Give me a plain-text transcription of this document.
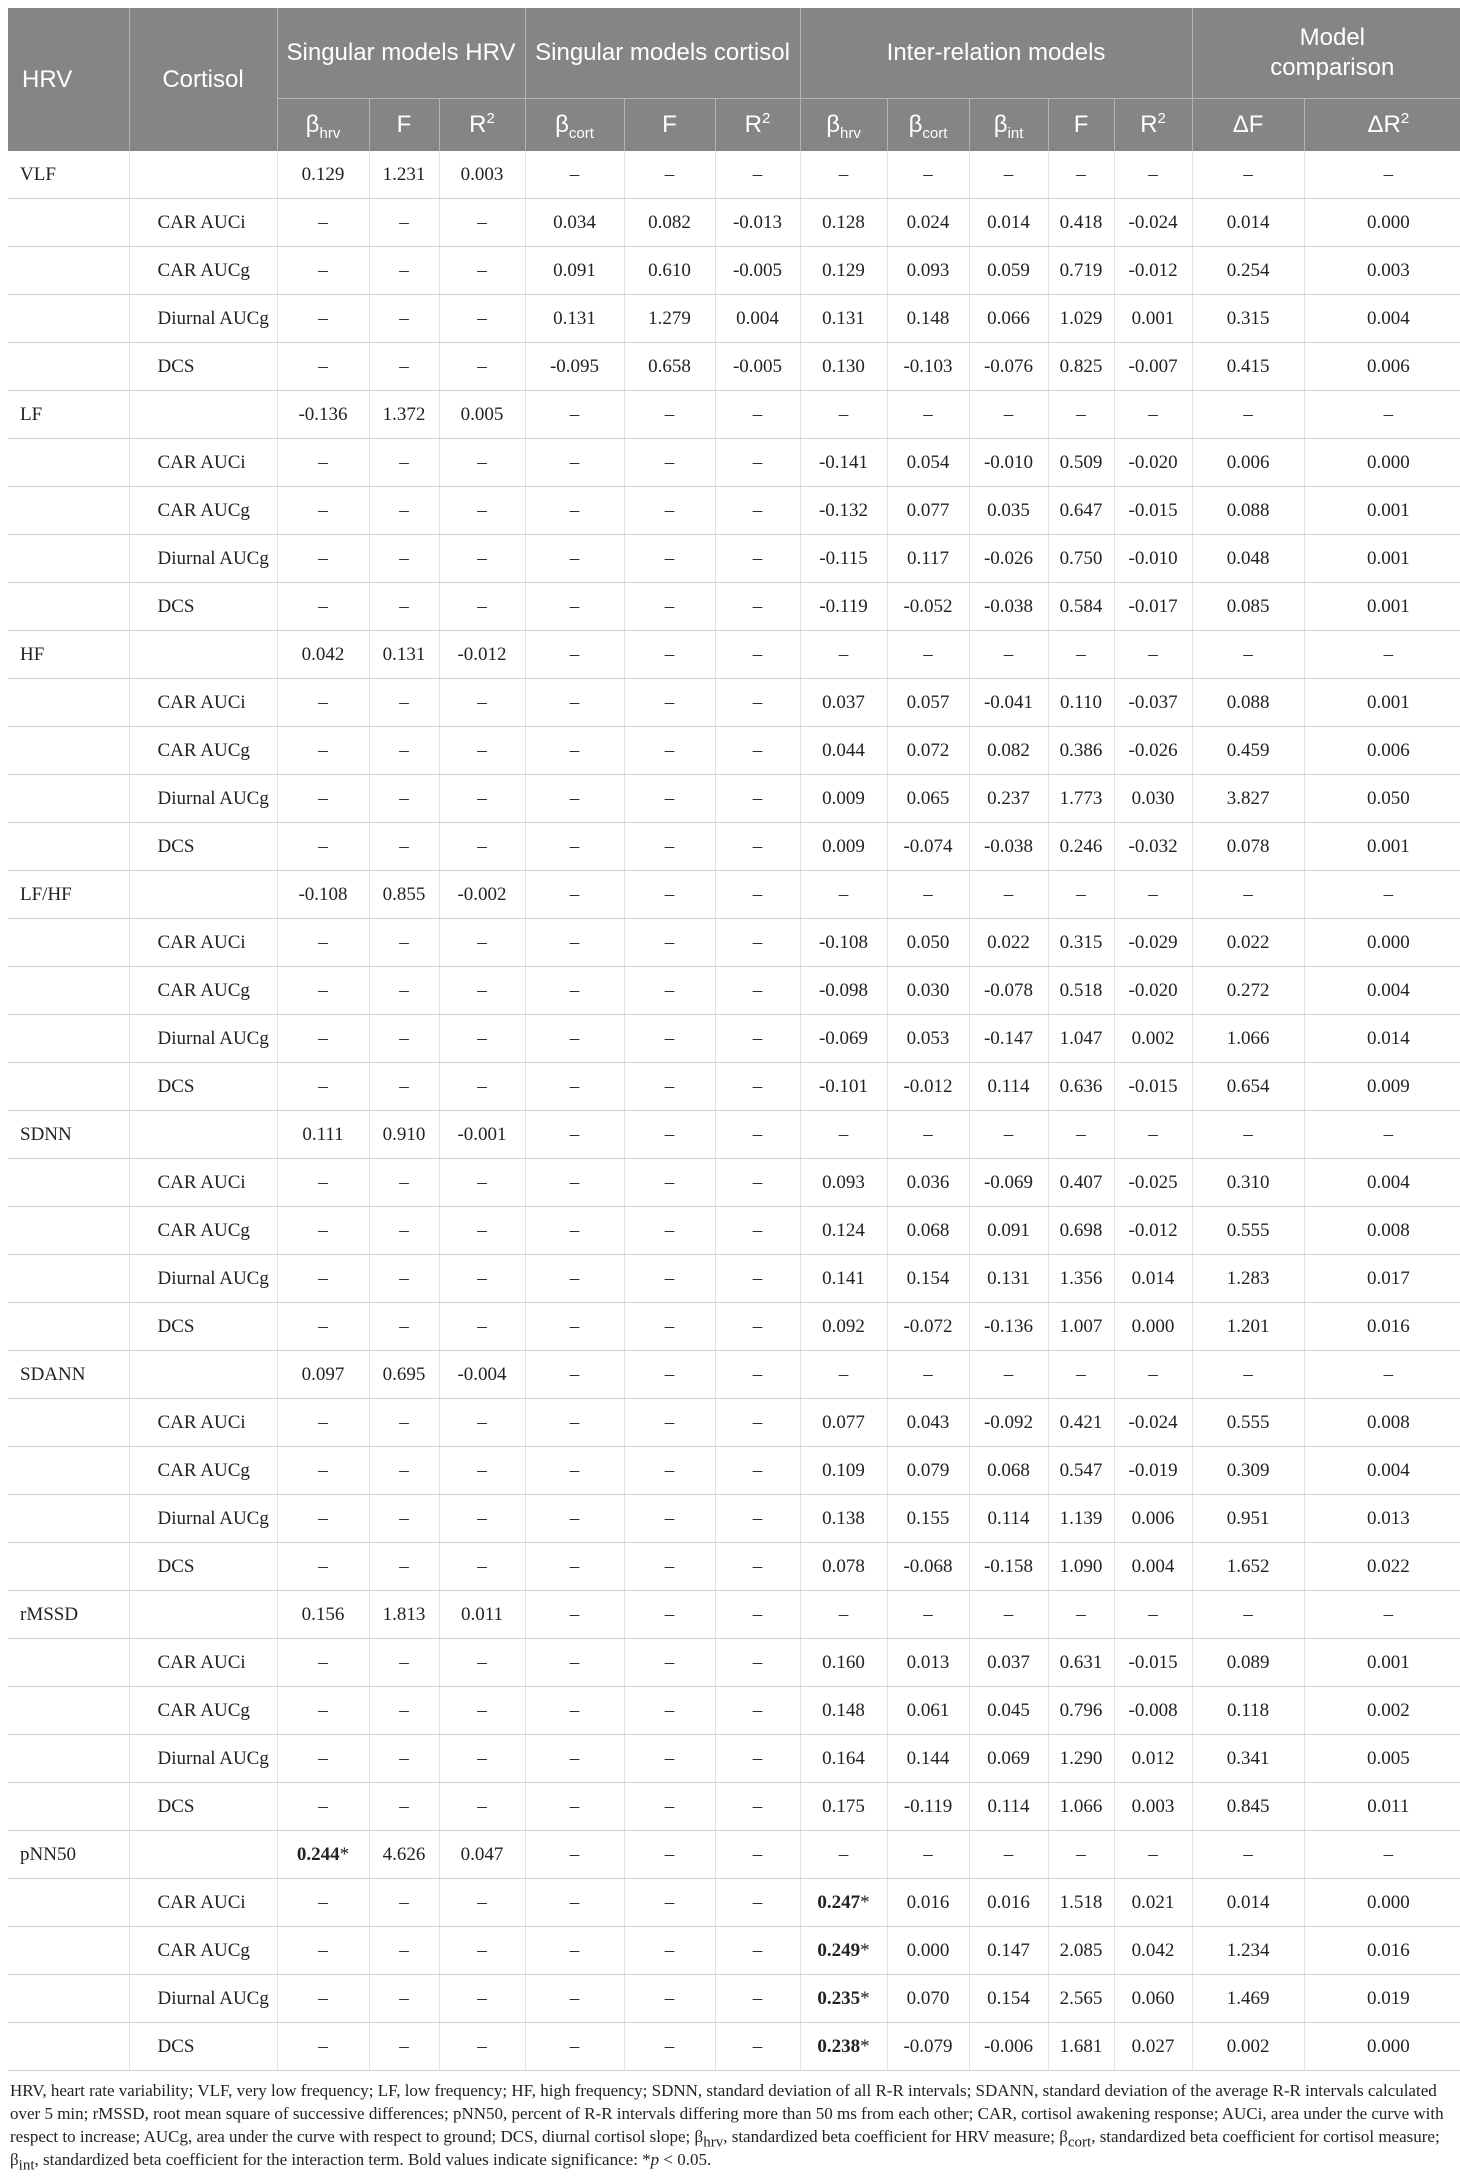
HRV	Cortisol	Singular models HRV			Singular models cortisol			Inter-relation models					Model comparison	
		$\beta_{hrv}$	F	$R^2$	$\beta_{cort}$	F	$R^2$	$\beta_{hrv}$	$\beta_{cort}$	$\beta_{int}$	F	$R^2$	ΔF	$\Delta R^2$
VLF		0.129	1.231	0.003	–	–	–	–	–	–	–	–	–	–
	CAR AUCi	–	–	–	0.034	0.082	-0.013	0.128	0.024	0.014	0.418	-0.024	0.014	0.000
	CAR AUCg	–	–	–	0.091	0.610	-0.005	0.129	0.093	0.059	0.719	-0.012	0.254	0.003
	Diurnal AUCg	–	–	–	0.131	1.279	0.004	0.131	0.148	0.066	1.029	0.001	0.315	0.004
	DCS	–	–	–	-0.095	0.658	-0.005	0.130	-0.103	-0.076	0.825	-0.007	0.415	0.006
LF		-0.136	1.372	0.005	–	–	–	–	–	–	–	–	–	–
	CAR AUCi	–	–	–	–	–	–	-0.141	0.054	-0.010	0.509	-0.020	0.006	0.000
	CAR AUCg	–	–	–	–	–	–	-0.132	0.077	0.035	0.647	-0.015	0.088	0.001
	Diurnal AUCg	–	–	–	–	–	–	-0.115	0.117	-0.026	0.750	-0.010	0.048	0.001
	DCS	–	–	–	–	–	–	-0.119	-0.052	-0.038	0.584	-0.017	0.085	0.001
HF		0.042	0.131	-0.012	–	–	–	–	–	–	–	–	–	–
	CAR AUCi	–	–	–	–	–	–	0.037	0.057	-0.041	0.110	-0.037	0.088	0.001
	CAR AUCg	–	–	–	–	–	–	0.044	0.072	0.082	0.386	-0.026	0.459	0.006
	Diurnal AUCg	–	–	–	–	–	–	0.009	0.065	0.237	1.773	0.030	3.827	0.050
	DCS	–	–	–	–	–	–	0.009	-0.074	-0.038	0.246	-0.032	0.078	0.001
LF/HF		-0.108	0.855	-0.002	–	–	–	–	–	–	–	–	–	–
	CAR AUCi	–	–	–	–	–	–	-0.108	0.050	0.022	0.315	-0.029	0.022	0.000
	CAR AUCg	–	–	–	–	–	–	-0.098	0.030	-0.078	0.518	-0.020	0.272	0.004
	Diurnal AUCg	–	–	–	–	–	–	-0.069	0.053	-0.147	1.047	0.002	1.066	0.014
	DCS	–	–	–	–	–	–	-0.101	-0.012	0.114	0.636	-0.015	0.654	0.009
SDNN		0.111	0.910	-0.001	–	–	–	–	–	–	–	–	–	–
	CAR AUCi	–	–	–	–	–	–	0.093	0.036	-0.069	0.407	-0.025	0.310	0.004
	CAR AUCg	–	–	–	–	–	–	0.124	0.068	0.091	0.698	-0.012	0.555	0.008
	Diurnal AUCg	–	–	–	–	–	–	0.141	0.154	0.131	1.356	0.014	1.283	0.017
	DCS	–	–	–	–	–	–	0.092	-0.072	-0.136	1.007	0.000	1.201	0.016
SDANN		0.097	0.695	-0.004	–	–	–	–	–	–	–	–	–	–
	CAR AUCi	–	–	–	–	–	–	0.077	0.043	-0.092	0.421	-0.024	0.555	0.008
	CAR AUCg	–	–	–	–	–	–	0.109	0.079	0.068	0.547	-0.019	0.309	0.004
	Diurnal AUCg	–	–	–	–	–	–	0.138	0.155	0.114	1.139	0.006	0.951	0.013
	DCS	–	–	–	–	–	–	0.078	-0.068	-0.158	1.090	0.004	1.652	0.022
rMSSD		0.156	1.813	0.011	–	–	–	–	–	–	–	–	–	–
	CAR AUCi	–	–	–	–	–	–	0.160	0.013	0.037	0.631	-0.015	0.089	0.001
	CAR AUCg	–	–	–	–	–	–	0.148	0.061	0.045	0.796	-0.008	0.118	0.002
	Diurnal AUCg	–	–	–	–	–	–	0.164	0.144	0.069	1.290	0.012	0.341	0.005
	DCS	–	–	–	–	–	–	0.175	-0.119	0.114	1.066	0.003	0.845	0.011
pNN50		0.244 *	4.626	0.047	–	–	–	–	–	–	–	–	–	–
	CAR AUCi	–	–	–	–	–	–	0.247 *	0.016	0.016	1.518	0.021	0.014	0.000
	CAR AUCg	–	–	–	–	–	–	0.249 *	0.000	0.147	2.085	0.042	1.234	0.016
	Diurnal AUCg	–	–	–	–	–	–	0.235 *	0.070	0.154	2.565	0.060	1.469	0.019
	DCS	–	–	–	–	–	–	0.238 *	-0.079	-0.006	1.681	0.027	0.002	0.000
HRV, heart rate variability; VLF, very low frequency; LF, low frequency; HF, high frequency; SDNN, standard deviation of all R-R intervals; SDANN, standard deviation of the average R-R intervals calculated over 5 min; rMSSD, root mean square of successive differences; pNN50, percent of R-R intervals differing more than 50 ms from each other; CAR, cortisol awakening response; AUCi, area under the curve with respect to increase; AUCg, area under the curve with respect to ground; DCS, diurnal cortisol slope; $\beta_{hrv}$, standardized beta coefficient for HRV measure; $\beta_{cort}$, standardized beta coefficient for cortisol measure; $\beta_{int}$, standardized beta coefficient for the interaction term. Bold values indicate significance: *p < 0.05.
